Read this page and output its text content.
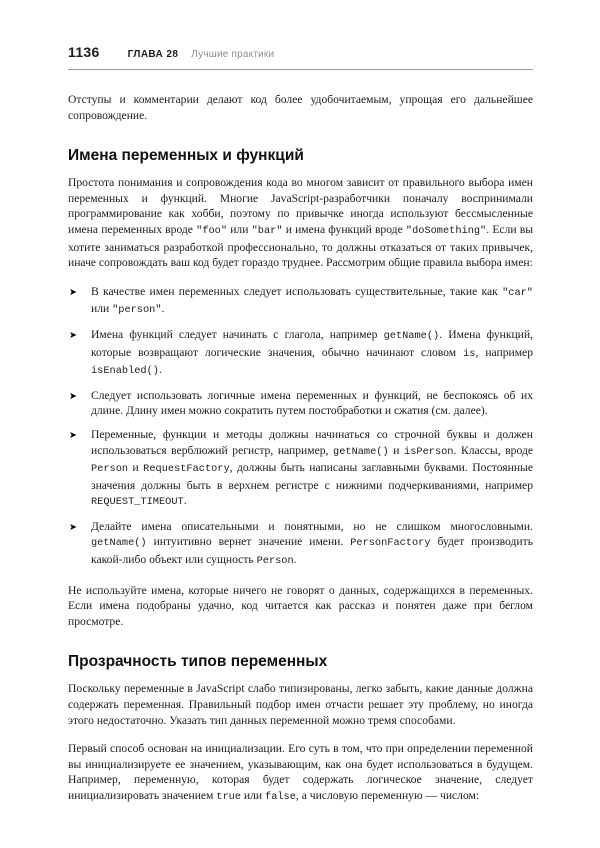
1136	ГЛАВА 28 Лучшие практики

Отступы и комментарии делают код более удобочитаемым, упрощая его дальнейшее сопровождение.

Имена переменных и функций

Простота понимания и сопровождения кода во многом зависит от правильного выбора имен переменных и функций. Многие JavaScript-разработчики поначалу воспринимали программирование как хобби, поэтому по привычке иногда используют бессмысленные имена переменных вроде "foo" или "bar" и имена функций вроде "doSomething". Если вы хотите заниматься разработкой профессионально, то должны отказаться от таких привычек, иначе сопровождать ваш код будет гораздо труднее. Рассмотрим общие правила выбора имен:

➤ В качестве имен переменных следует использовать существительные, такие как "car" или "person".
➤ Имена функций следует начинать с глагола, например getName(). Имена функций, которые возвращают логические значения, обычно начинают словом is, например isEnabled().
➤ Следует использовать логичные имена переменных и функций, не беспокоясь об их длине. Длину имен можно сократить путем постобработки и сжатия (см. далее).
➤ Переменные, функции и методы должны начинаться со строчной буквы и должен использоваться верблюжий регистр, например, getName() и isPerson. Классы, вроде Person и RequestFactory, должны быть написаны заглавными буквами. Постоянные значения должны быть в верхнем регистре с нижними подчеркиваниями, например REQUEST_TIMEOUT.
➤ Делайте имена описательными и понятными, но не слишком многословными. getName() интуитивно вернет значение имени. PersonFactory будет производить какой-либо объект или сущность Person.

Не используйте имена, которые ничего не говорят о данных, содержащихся в переменных. Если имена подобраны удачно, код читается как рассказ и понятен даже при беглом просмотре.

Прозрачность типов переменных

Поскольку переменные в JavaScript слабо типизированы, легко забыть, какие данные должна содержать переменная. Правильный подбор имен отчасти решает эту проблему, но иногда этого недостаточно. Указать тип данных переменной можно тремя способами.

Первый способ основан на инициализации. Его суть в том, что при определении переменной вы инициализируете ее значением, указывающим, как она будет использоваться в будущем. Например, переменную, которая будет содержать логическое значение, следует инициализировать значением true или false, а числовую переменную — числом:
